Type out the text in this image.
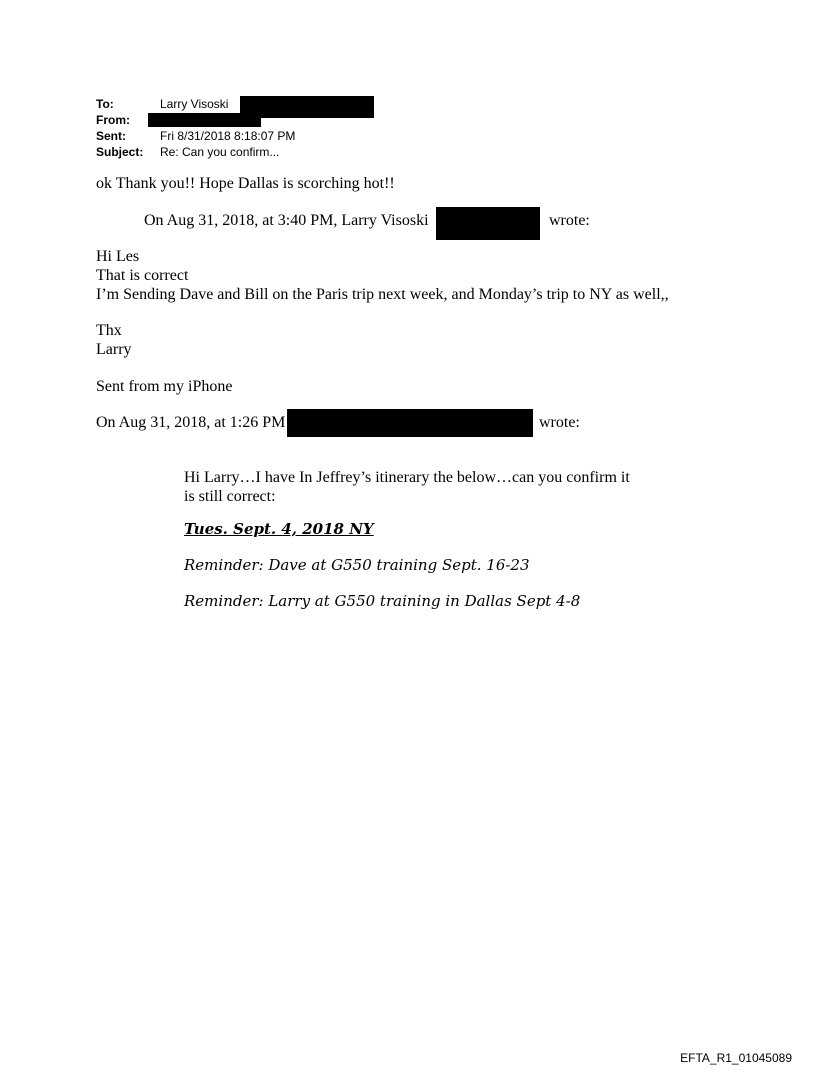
To:	Larry Visoski
From:
Sent:	Fri 8/31/2018 8:18:07 PM
Subject: Re: Can you confirm...
ok Thank you!! Hope Dallas is scorching hot!!
On Aug 31, 2018, at 3:40 PM, Larry Visoski	wrote:
Hi Les
That is correct
I’m Sending Dave and Bill on the Paris trip next week, and Monday’s trip to NY as well,,
Thx
Larry
Sent from my iPhone
On Aug 31, 2018, at 1:26 PM	wrote:
Hi Larry…I have In Jeffrey’s itinerary the below…can you confirm it
is still correct:
Tues. Sept. 4, 2018 NY
Reminder: Dave at G550 training Sept. 16-23
Reminder: Larry at G550 training in Dallas Sept 4-8
EFTA_R1_01045089
